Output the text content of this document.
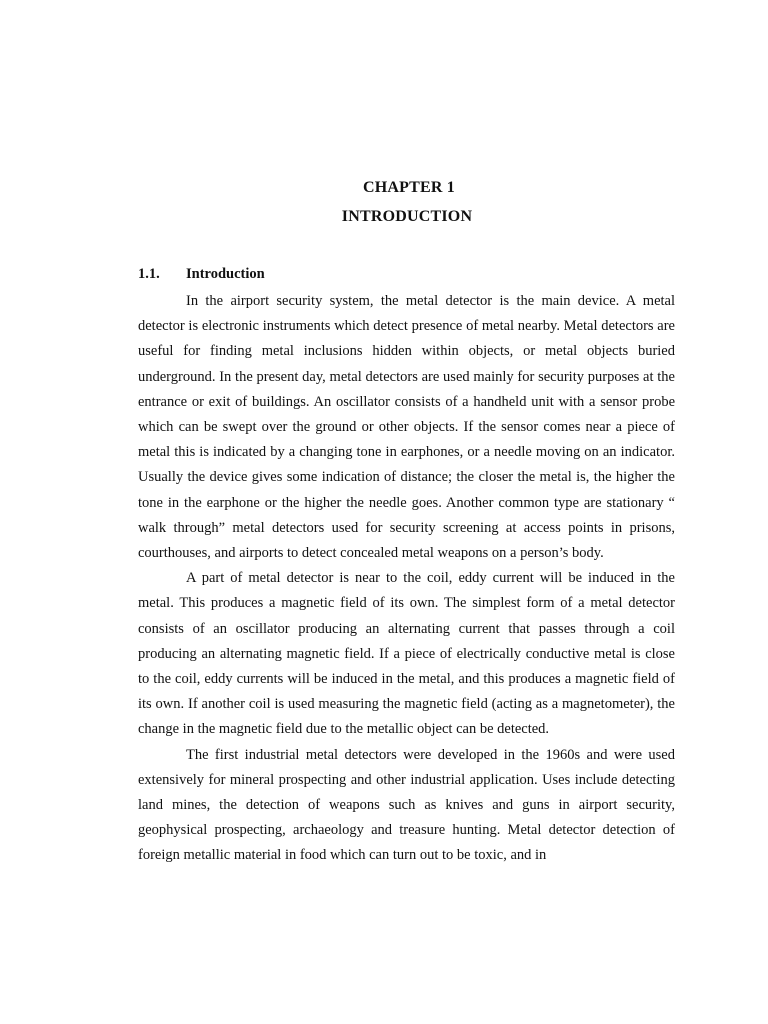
CHAPTER 1
INTRODUCTION
1.1. Introduction

In the airport security system, the metal detector is the main device. A metal detector is electronic instruments which detect presence of metal nearby. Metal detectors are useful for finding metal inclusions hidden within objects, or metal objects buried underground. In the present day, metal detectors are used mainly for security purposes at the entrance or exit of buildings. An oscillator consists of a handheld unit with a sensor probe which can be swept over the ground or other objects. If the sensor comes near a piece of metal this is indicated by a changing tone in earphones, or a needle moving on an indicator. Usually the device gives some indication of distance; the closer the metal is, the higher the tone in the earphone or the higher the needle goes. Another common type are stationary “ walk through” metal detectors used for security screening at access points in prisons, courthouses, and airports to detect concealed metal weapons on a person’s body.

A part of metal detector is near to the coil, eddy current will be induced in the metal. This produces a magnetic field of its own. The simplest form of a metal detector consists of an oscillator producing an alternating current that passes through a coil producing an alternating magnetic field. If a piece of electrically conductive metal is close to the coil, eddy currents will be induced in the metal, and this produces a magnetic field of its own. If another coil is used measuring the magnetic field (acting as a magnetometer), the change in the magnetic field due to the metallic object can be detected.

The first industrial metal detectors were developed in the 1960s and were used extensively for mineral prospecting and other industrial application. Uses include detecting land mines, the detection of weapons such as knives and guns in airport security, geophysical prospecting, archaeology and treasure hunting. Metal detector detection of foreign metallic material in food which can turn out to be toxic, and in
